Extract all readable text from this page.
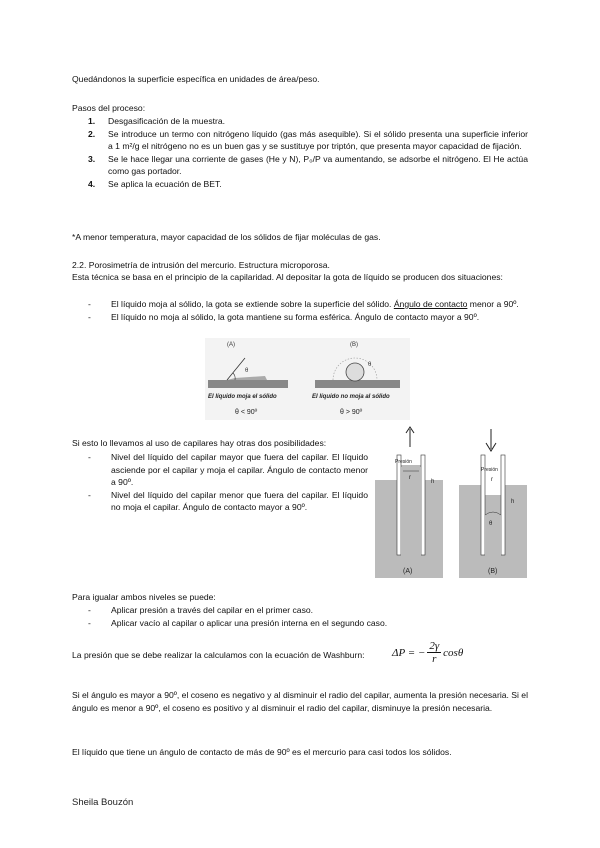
Quedándonos la superficie específica en unidades de área/peso.

Pasos del proceso:

1. Desgasificación de la muestra.
2. Se introduce un termo con nitrógeno líquido (gas más asequible). Si el sólido presenta una superficie inferior a 1 m²/g el nitrógeno no es un buen gas y se sustituye por triptón, que presenta mayor capacidad de fijación.
3. Se le hace llegar una corriente de gases (He y N), P₀/P va aumentando, se adsorbe el nitrógeno. El He actúa como gas portador.
4. Se aplica la ecuación de BET.

*A menor temperatura, mayor capacidad de los sólidos de fijar moléculas de gas.

2.2. Porosimetría de intrusión del mercurio. Estructura microporosa.

Esta técnica se basa en el principio de la capilaridad. Al depositar la gota de líquido se producen dos situaciones:

- El líquido moja al sólido, la gota se extiende sobre la superficie del sólido. Ángulo de contacto menor a 90º.
- El líquido no moja al sólido, la gota mantiene su forma esférica. Ángulo de contacto mayor a 90º.
(A)
θ
El líquido moja el sólido
θ < 90º
(B)
θ
El líquido no moja al sólido
θ > 90º

Si esto lo llevamos al uso de capilares hay otras dos posibilidades:

- Nivel del líquido del capilar mayor que fuera del capilar. El líquido asciende por el capilar y moja el capilar. Ángulo de contacto menor a 90º.
- Nivel del líquido del capilar menor que fuera del capilar. El líquido no moja el capilar. Ángulo de contacto mayor a 90º.
Presión
h
r
(A)
Presión
r
h
θ
(B)

Para igualar ambos niveles se puede:

- Aplicar presión a través del capilar en el primer caso.
- Aplicar vacío al capilar o aplicar una presión interna en el segundo caso.

La presión que se debe realizar la calculamos con la ecuación de Washburn: ΔP = − $\frac{2\gamma}{r}$ cosθ

Si el ángulo es mayor a 90º, el coseno es negativo y al disminuir el radio del capilar, aumenta la presión necesaria. Si el ángulo es menor a 90º, el coseno es positivo y al disminuir el radio del capilar, disminuye la presión necesaria.

El líquido que tiene un ángulo de contacto de más de 90º es el mercurio para casi todos los sólidos.

Sheila Bouzón
